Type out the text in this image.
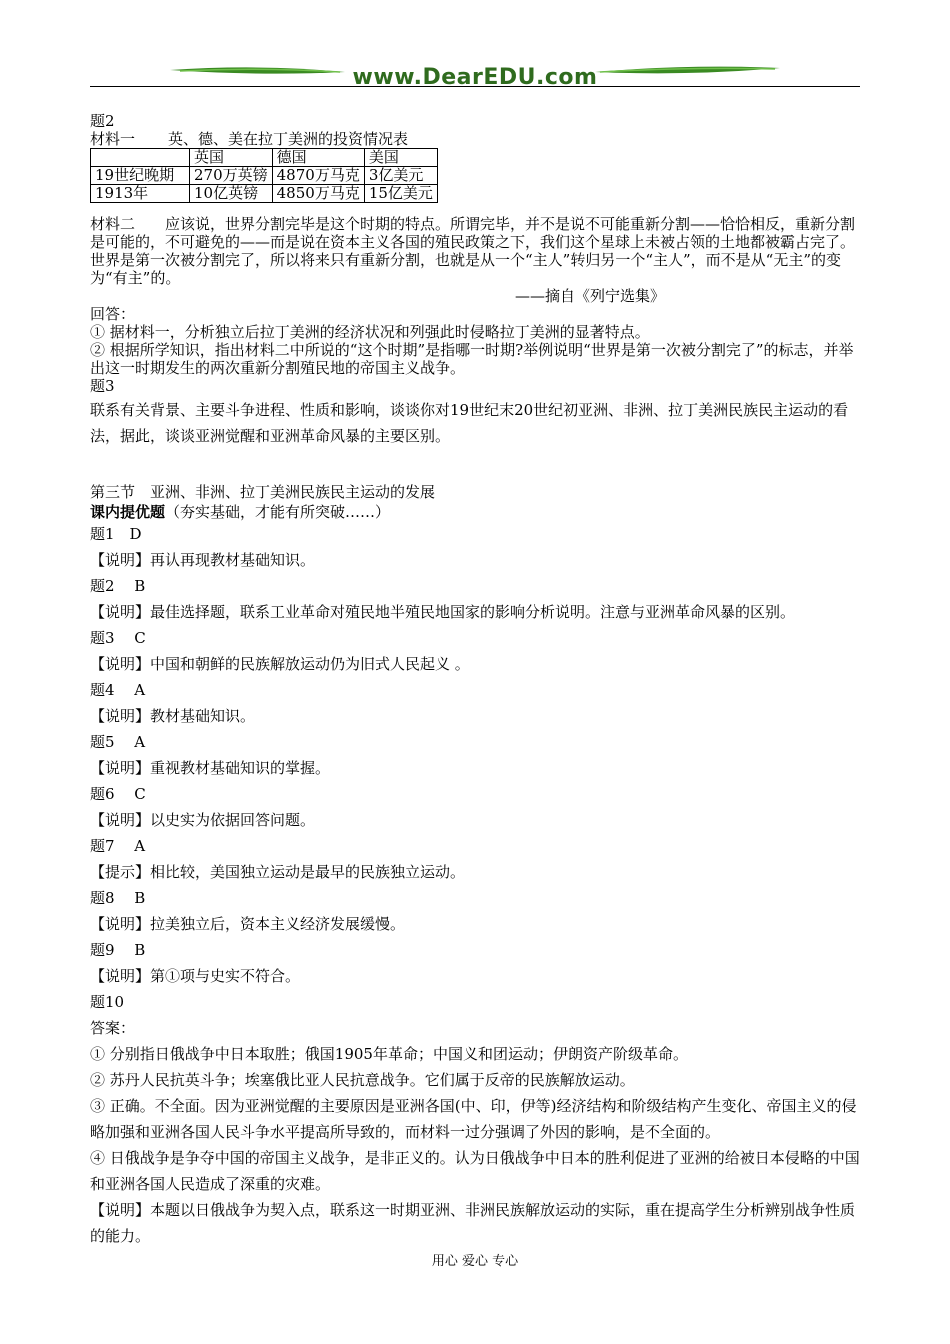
www.DearEDU.com

题2

材料一 英、德、美在拉丁美洲的投资情况表

	英国	德国	美国
19世纪晚期	270万英镑	4870万马克	3亿美元
1913年	10亿英镑	4850万马克	15亿美元

材料二　　应该说，世界分割完毕是这个时期的特点。所谓完毕，并不是说不可能重新分割——恰恰相反，重新分割是可能的，不可避免的——而是说在资本主义各国的殖民政策之下，我们这个星球上未被占领的土地都被霸占完了。世界是第一次被分割完了，所以将来只有重新分割，也就是从一个“主人”转归另一个“主人”，而不是从“无主”的变为“有主”的。

——摘自《列宁选集》

回答：

① 据材料一，分析独立后拉丁美洲的经济状况和列强此时侵略拉丁美洲的显著特点。

② 根据所学知识，指出材料二中所说的“这个时期”是指哪一时期?举例说明“世界是第一次被分割完了”的标志，并举出这一时期发生的两次重新分割殖民地的帝国主义战争。

题3

联系有关背景、主要斗争进程、性质和影响，谈谈你对19世纪末20世纪初亚洲、非洲、拉丁美洲民族民主运动的看法，据此，谈谈亚洲觉醒和亚洲革命风暴的主要区别。

第三节　亚洲、非洲、拉丁美洲民族民主运动的发展

课内提优题（夯实基础，才能有所突破……）

题1　D

【说明】再认再现教材基础知识。

题2　 B

【说明】最佳选择题，联系工业革命对殖民地半殖民地国家的影响分析说明。注意与亚洲革命风暴的区别。

题3　 C

【说明】中国和朝鲜的民族解放运动仍为旧式人民起义 。

题4　 A

【说明】教材基础知识。

题5　 A

【说明】重视教材基础知识的掌握。

题6　 C

【说明】以史实为依据回答问题。

题7　 A

【提示】相比较，美国独立运动是最早的民族独立运动。

题8　 B

【说明】拉美独立后，资本主义经济发展缓慢。

题9　 B

【说明】第①项与史实不符合。

题10

答案：

① 分别指日俄战争中日本取胜；俄国1905年革命；中国义和团运动；伊朗资产阶级革命。

② 苏丹人民抗英斗争；埃塞俄比亚人民抗意战争。它们属于反帝的民族解放运动。

③ 正确。不全面。因为亚洲觉醒的主要原因是亚洲各国(中、印，伊等)经济结构和阶级结构产生变化、帝国主义的侵略加强和亚洲各国人民斗争水平提高所导致的，而材料一过分强调了外因的影响，是不全面的。

④ 日俄战争是争夺中国的帝国主义战争，是非正义的。认为日俄战争中日本的胜利促进了亚洲的给被日本侵略的中国和亚洲各国人民造成了深重的灾难。

【说明】本题以日俄战争为契入点，联系这一时期亚洲、非洲民族解放运动的实际，重在提高学生分析辨别战争性质的能力。

用心 爱心 专心
